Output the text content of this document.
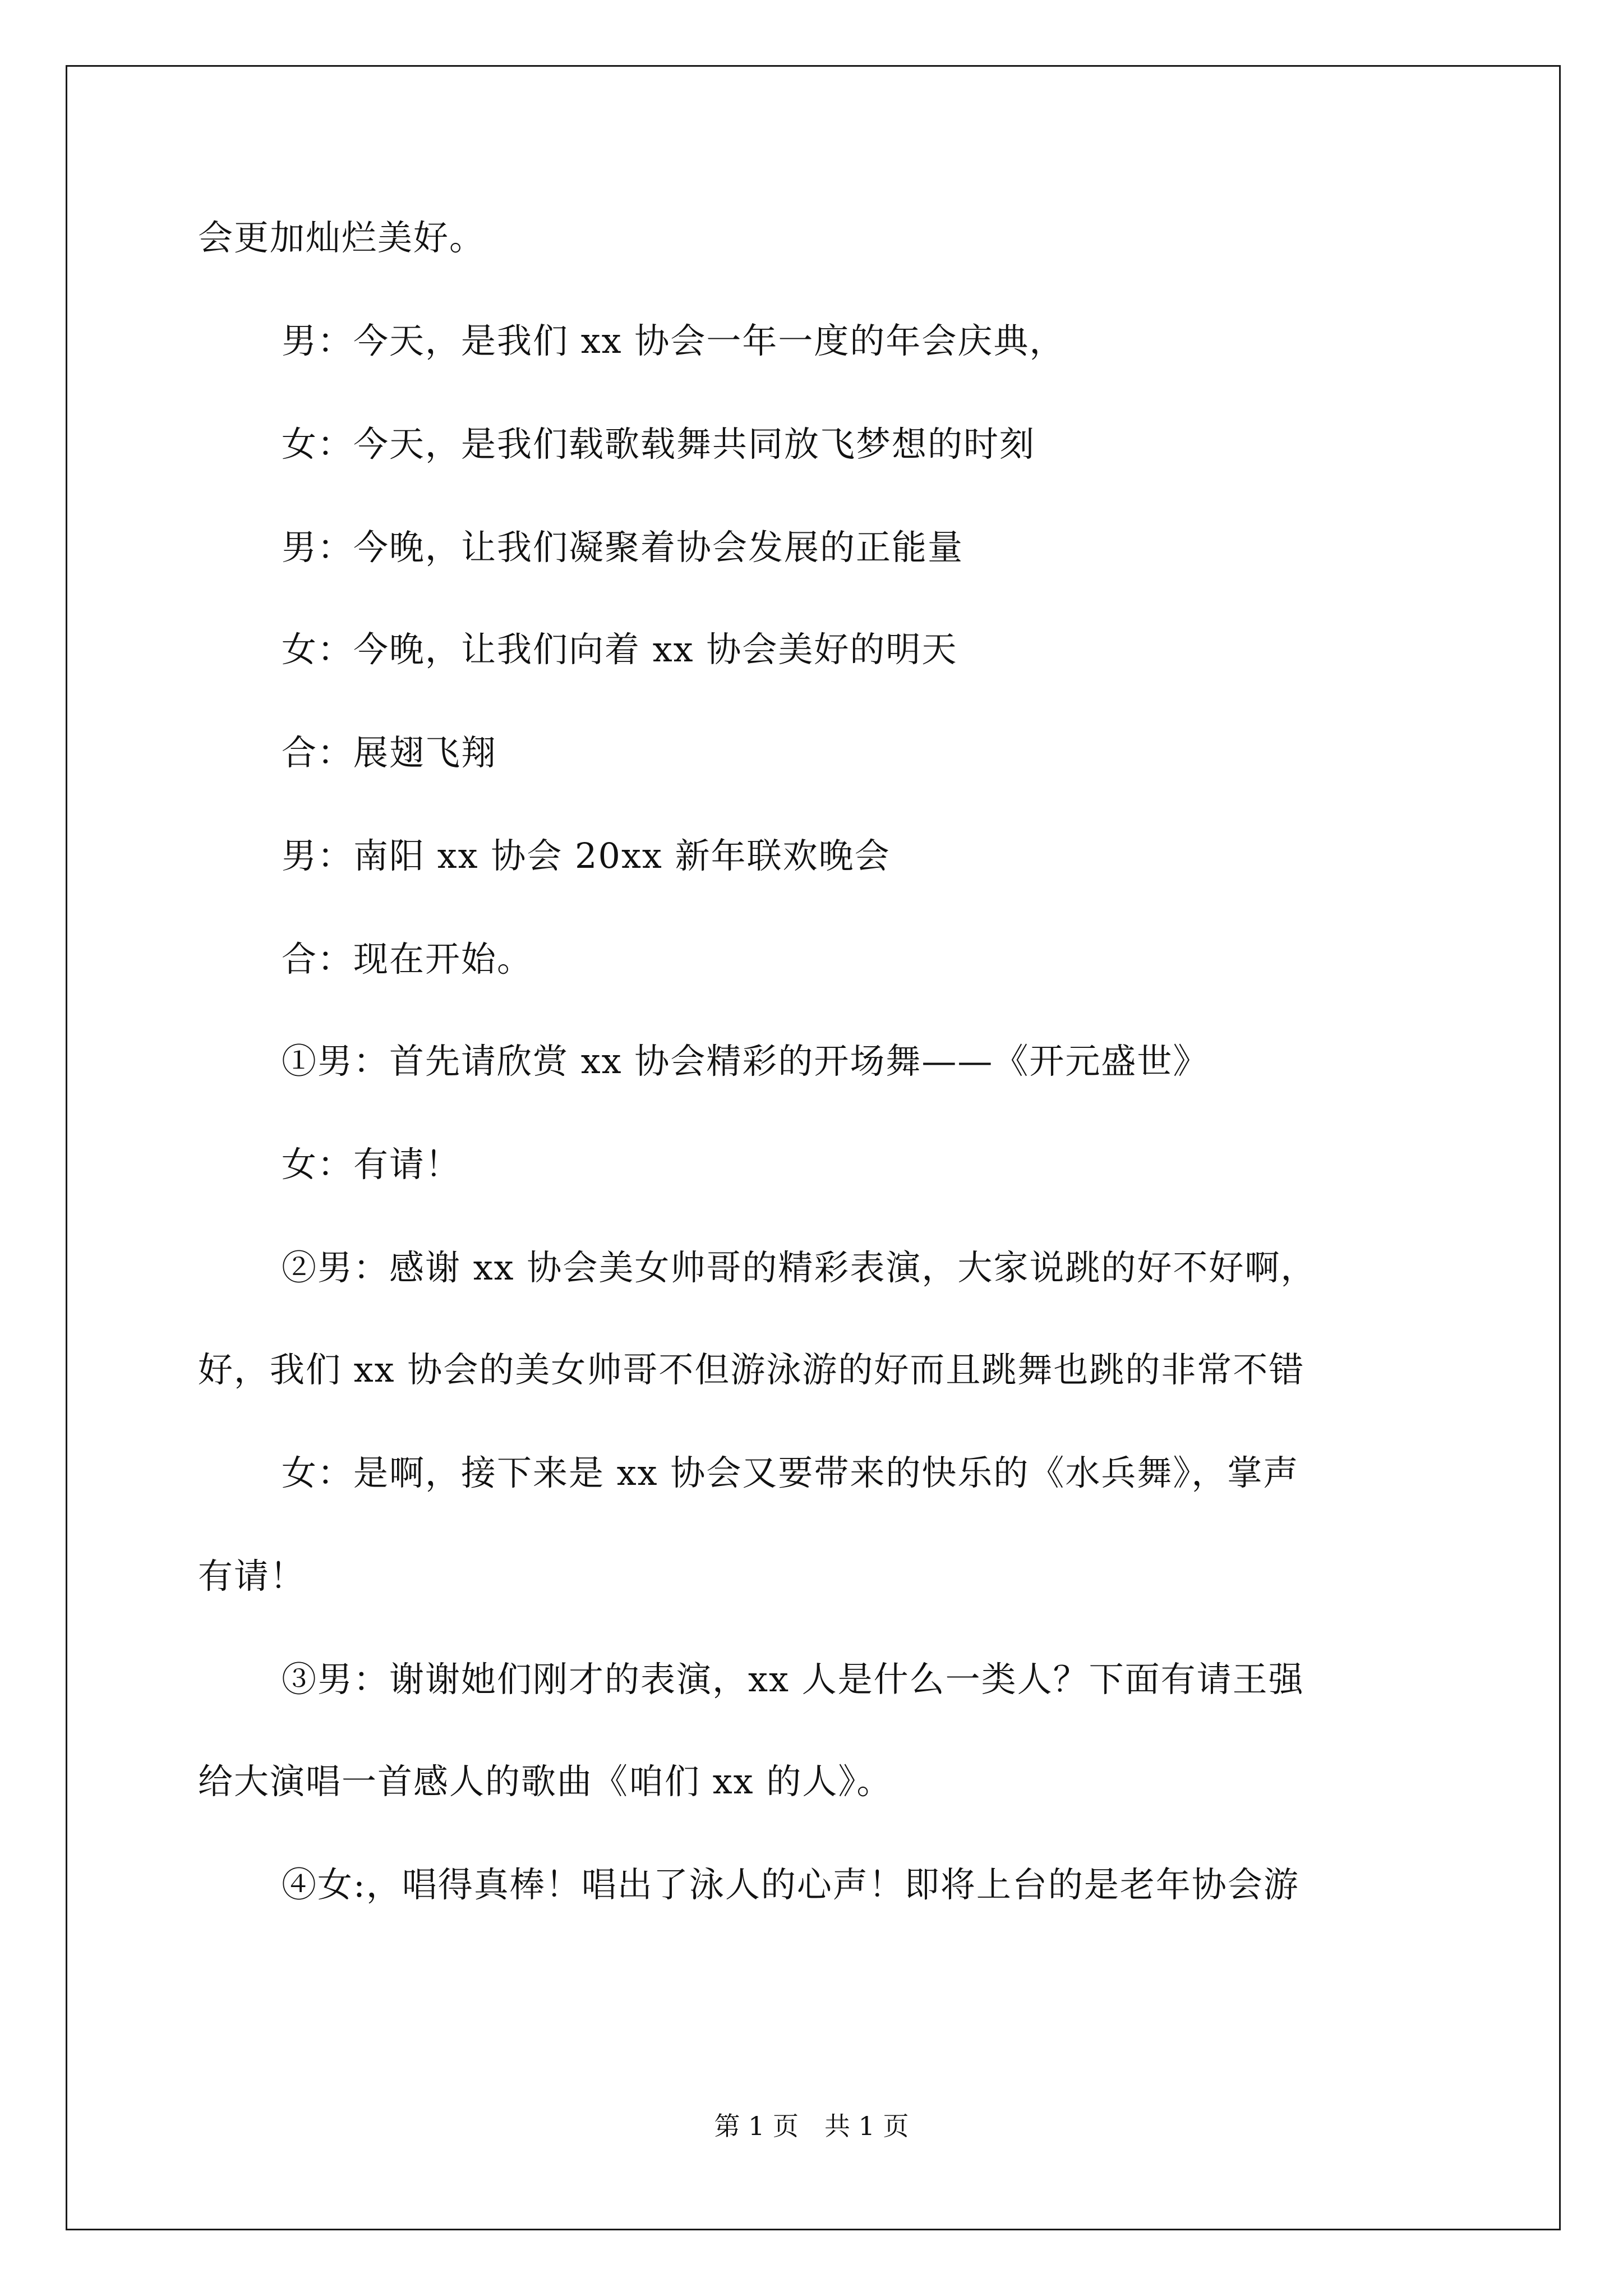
会更加灿烂美好。
男：今天，是我们 xx 协会一年一度的年会庆典，
女：今天，是我们载歌载舞共同放飞梦想的时刻
男：今晚，让我们凝聚着协会发展的正能量
女：今晚，让我们向着 xx 协会美好的明天
合：展翅飞翔
男：南阳 xx 协会 20xx 新年联欢晚会
合：现在开始。
①男：首先请欣赏 xx 协会精彩的开场舞——《开元盛世》
女：有请！
②男：感谢 xx 协会美女帅哥的精彩表演，大家说跳的好不好啊，
好，我们 xx 协会的美女帅哥不但游泳游的好而且跳舞也跳的非常不错
女：是啊，接下来是 xx 协会又要带来的快乐的《水兵舞》，掌声
有请！
③男：谢谢她们刚才的表演，xx 人是什么一类人？下面有请王强
给大演唱一首感人的歌曲《咱们 xx 的人》。
④女:，唱得真棒！唱出了泳人的心声！即将上台的是老年协会游
第 1 页　共 1 页
